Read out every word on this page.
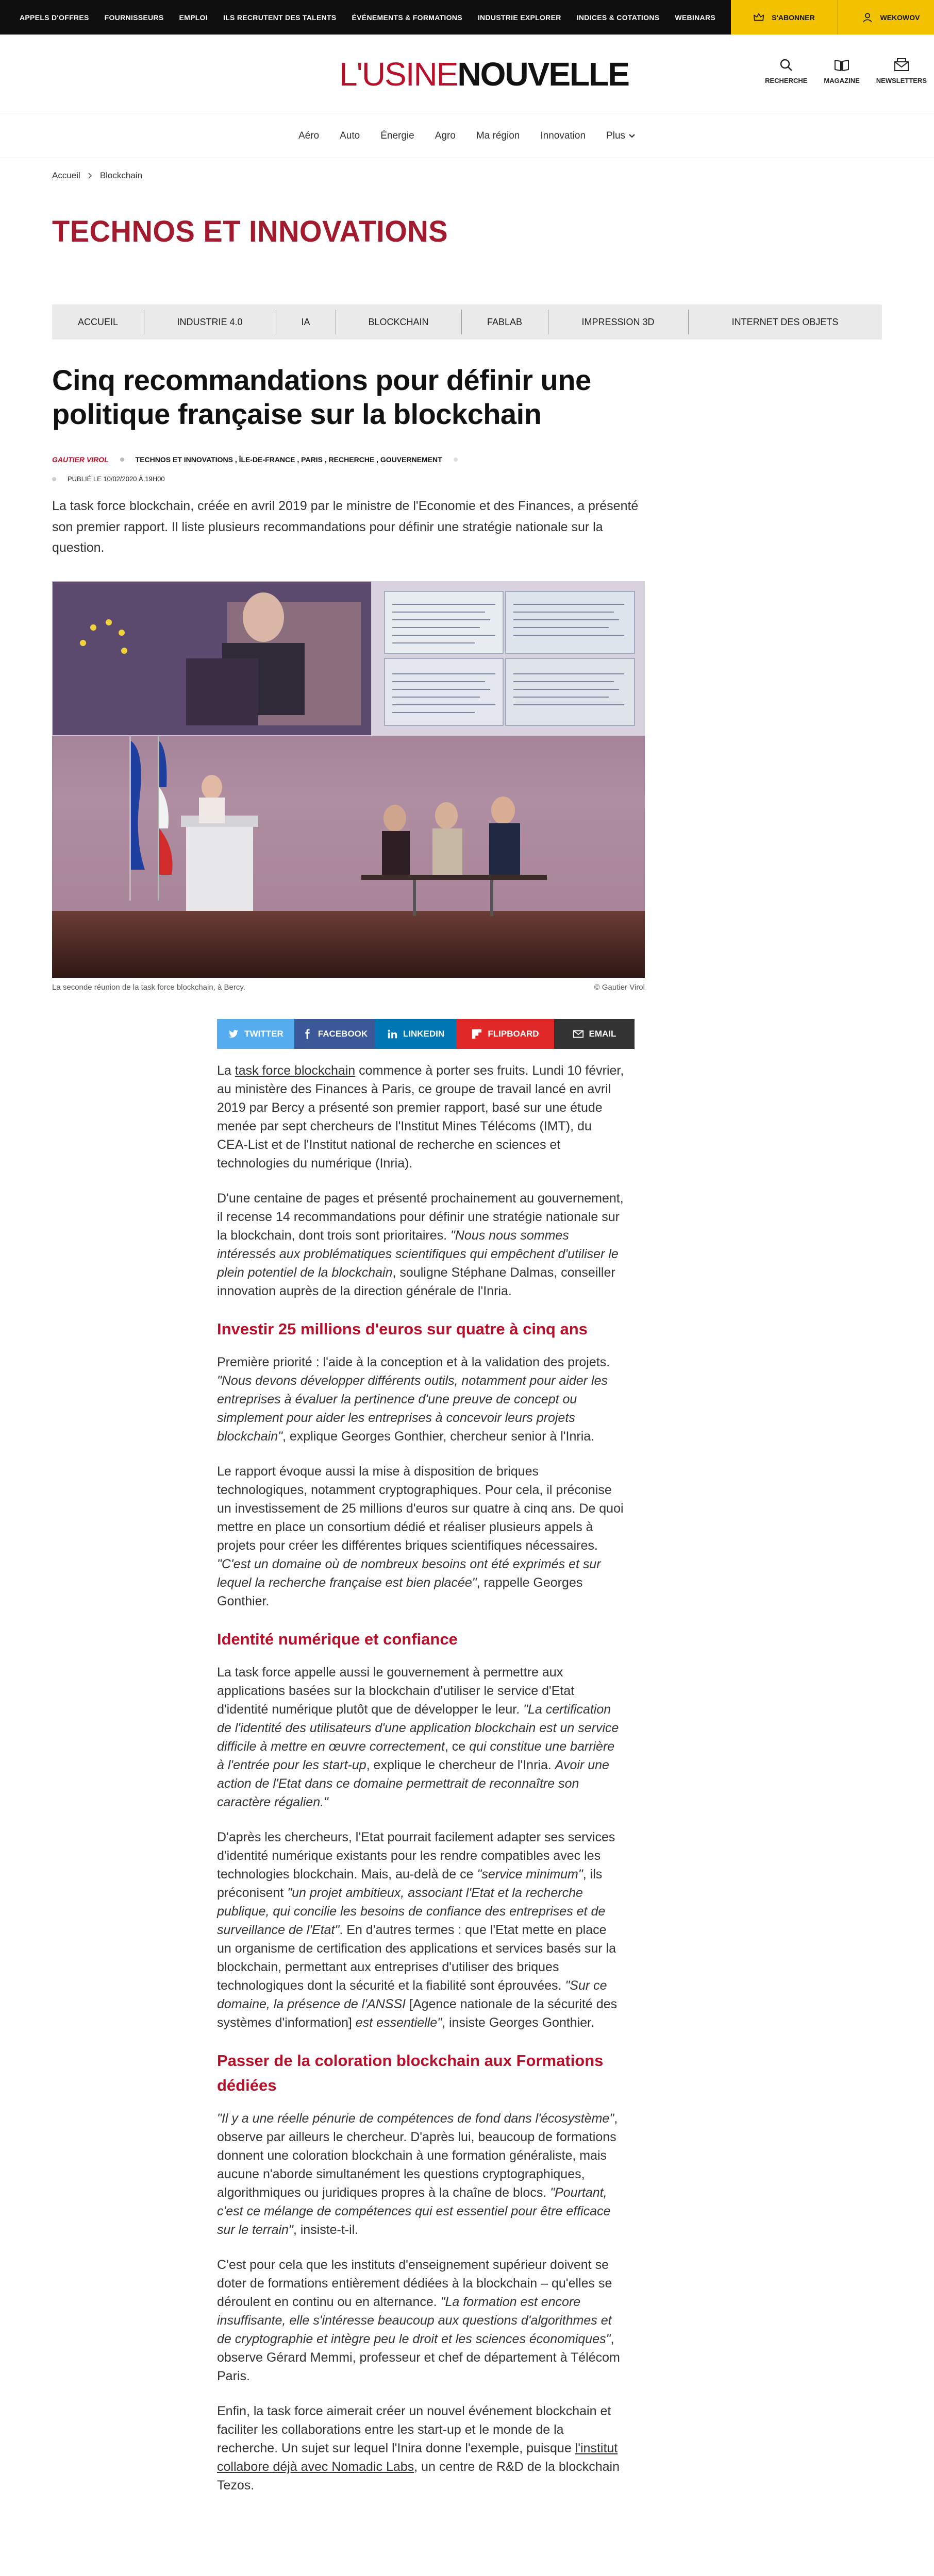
APPELS D'OFFRES FOURNISSEURS EMPLOI ILS RECRUTENT DES TALENTS ÉVÉNEMENTS & FORMATIONS INDUSTRIE EXPLORER INDICES & COTATIONS WEBINARS	S'ABONNER	WEKOWOV
L'USINENOUVELLE	RECHERCHE MAGAZINE NEWSLETTERS
Aéro Auto Énergie Agro Ma région Innovation Plus
Accueil Blockchain
TECHNOS ET INNOVATIONS
ACCUEIL	INDUSTRIE 4.0	IA	BLOCKCHAIN	FABLAB	IMPRESSION 3D	INTERNET DES OBJETS
Cinq recommandations pour définir une politique française sur la blockchain
GAUTIER VIROL	TECHNOS ET INNOVATIONS , ÎLE-DE-FRANCE , PARIS , RECHERCHE , GOUVERNEMENT
PUBLIÉ LE 10/02/2020 À 19H00

La task force blockchain, créée en avril 2019 par le ministre de l'Economie et des Finances, a présenté son premier rapport. Il liste plusieurs recommandations pour définir une stratégie nationale sur la question.

La seconde réunion de la task force blockchain, à Bercy.	© Gautier Virol
TWITTER	FACEBOOK	LINKEDIN	FLIPBOARD	EMAIL

La task force blockchain commence à porter ses fruits. Lundi 10 février, au ministère des Finances à Paris, ce groupe de travail lancé en avril 2019 par Bercy a présenté son premier rapport, basé sur une étude menée par sept chercheurs de l'Institut Mines Télécoms (IMT), du CEA-List et de l'Institut national de recherche en sciences et technologies du numérique (Inria).

D'une centaine de pages et présenté prochainement au gouvernement, il recense 14 recommandations pour définir une stratégie nationale sur la blockchain, dont trois sont prioritaires. "Nous nous sommes intéressés aux problématiques scientifiques qui empêchent d'utiliser le plein potentiel de la blockchain, souligne Stéphane Dalmas, conseiller innovation auprès de la direction générale de l'Inria.

Investir 25 millions d'euros sur quatre à cinq ans

Première priorité : l'aide à la conception et à la validation des projets. "Nous devons développer différents outils, notamment pour aider les entreprises à évaluer la pertinence d'une preuve de concept ou simplement pour aider les entreprises à concevoir leurs projets blockchain", explique Georges Gonthier, chercheur senior à l'Inria.

Le rapport évoque aussi la mise à disposition de briques technologiques, notamment cryptographiques. Pour cela, il préconise un investissement de 25 millions d'euros sur quatre à cinq ans. De quoi mettre en place un consortium dédié et réaliser plusieurs appels à projets pour créer les différentes briques scientifiques nécessaires. "C'est un domaine où de nombreux besoins ont été exprimés et sur lequel la recherche française est bien placée", rappelle Georges Gonthier.

Identité numérique et confiance

La task force appelle aussi le gouvernement à permettre aux applications basées sur la blockchain d'utiliser le service d'Etat d'identité numérique plutôt que de développer le leur. "La certification de l'identité des utilisateurs d'une application blockchain est un service difficile à mettre en œuvre correctement, ce qui constitue une barrière à l'entrée pour les start-up, explique le chercheur de l'Inria. Avoir une action de l'Etat dans ce domaine permettrait de reconnaître son caractère régalien."

D'après les chercheurs, l'Etat pourrait facilement adapter ses services d'identité numérique existants pour les rendre compatibles avec les technologies blockchain. Mais, au-delà de ce "service minimum", ils préconisent "un projet ambitieux, associant l'Etat et la recherche publique, qui concilie les besoins de confiance des entreprises et de surveillance de l'Etat". En d'autres termes : que l'Etat mette en place un organisme de certification des applications et services basés sur la blockchain, permettant aux entreprises d'utiliser des briques technologiques dont la sécurité et la fiabilité sont éprouvées. "Sur ce domaine, la présence de l'ANSSI [Agence nationale de la sécurité des systèmes d'information] est essentielle", insiste Georges Gonthier.

Passer de la coloration blockchain aux Formations dédiées

"Il y a une réelle pénurie de compétences de fond dans l'écosystème", observe par ailleurs le chercheur. D'après lui, beaucoup de formations donnent une coloration blockchain à une formation généraliste, mais aucune n'aborde simultanément les questions cryptographiques, algorithmiques ou juridiques propres à la chaîne de blocs. "Pourtant, c'est ce mélange de compétences qui est essentiel pour être efficace sur le terrain", insiste-t-il.

C'est pour cela que les instituts d'enseignement supérieur doivent se doter de formations entièrement dédiées à la blockchain – qu'elles se déroulent en continu ou en alternance. "La formation est encore insuffisante, elle s'intéresse beaucoup aux questions d'algorithmes et de cryptographie et intègre peu le droit et les sciences économiques", observe Gérard Memmi, professeur et chef de département à Télécom Paris.

Enfin, la task force aimerait créer un nouvel événement blockchain et faciliter les collaborations entre les start-up et le monde de la recherche. Un sujet sur lequel l'Inira donne l'exemple, puisque l'institut collabore déjà avec Nomadic Labs, un centre de R&D de la blockchain Tezos.
